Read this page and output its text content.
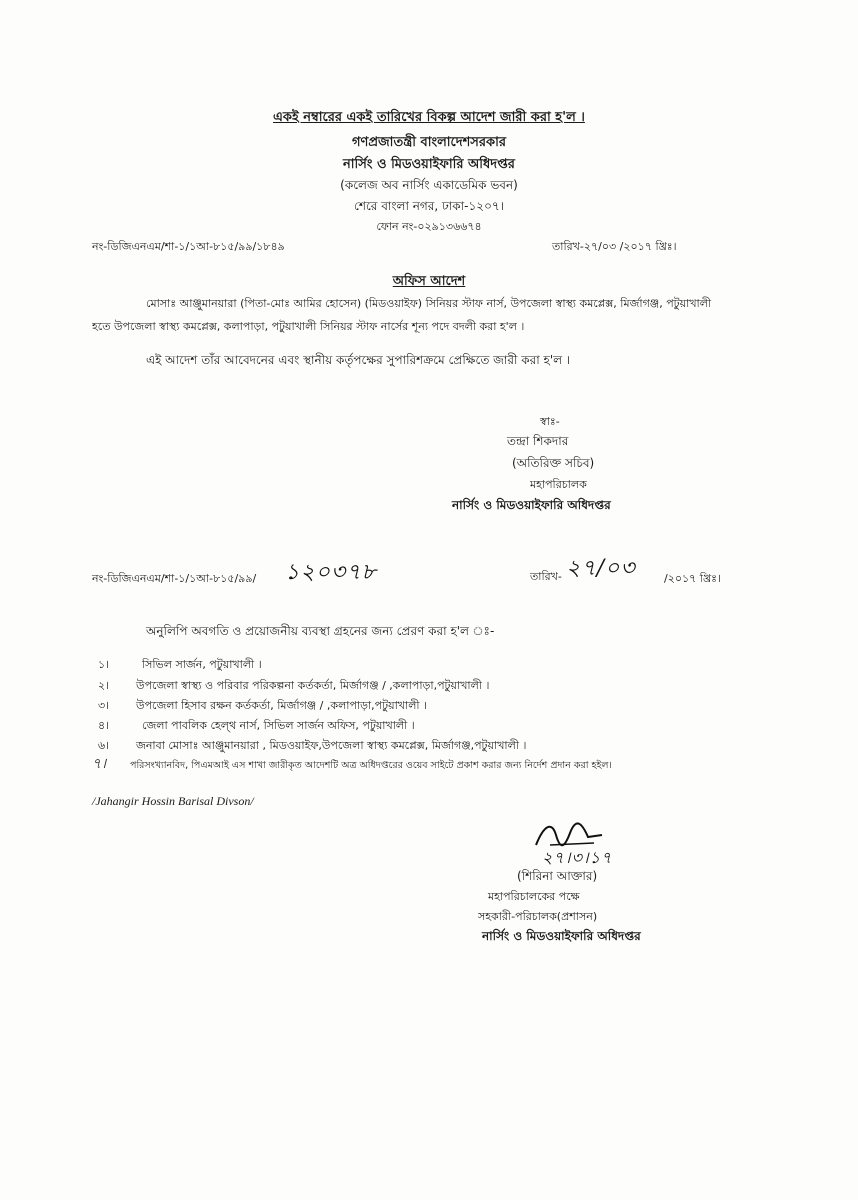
একই নম্বারের একই তারিখের বিকল্প আদেশ জারী করা হ'ল ।
গণপ্রজাতন্ত্রী বাংলাদেশসরকার
নার্সিং ও মিডওয়াইফারি অধিদপ্তর
(কলেজ অব নার্সিং একাডেমিক ভবন)
শেরে বাংলা নগর, ঢাকা-১২০৭।
ফোন নং-০২৯১৩৬৬৭৪
নং-ডিজিএনএম/শা-১/১আ-৮১৫/৯৯/১৮৪৯	তারিখ-২৭/০৩ /২০১৭ খ্রিঃ।
অফিস আদেশ
মোসাঃ আঞ্জুমানয়ারা (পিতা-মোঃ আমির হোসেন) (মিডওয়াইফ) সিনিয়র স্টাফ নার্স, উপজেলা স্বাস্থ্য কমপ্লেক্স, মির্জাগঞ্জ, পটুয়াখালী
হতে উপজেলা স্বাস্থ্য কমপ্লেক্স, কলাপাড়া, পটুয়াখালী সিনিয়র স্টাফ নার্সের শূন্য পদে বদলী করা হ'ল ।
এই আদেশ তাঁর আবেদনের এবং স্থানীয় কর্তৃপক্ষের সুপারিশক্রমে প্রেক্ষিতে জারী করা হ'ল ।
স্বাঃ-
তন্দ্রা শিকদার
(অতিরিক্ত সচিব)
মহাপরিচালক
নার্সিং ও মিডওয়াইফারি অধিদপ্তর
নং-ডিজিএনএম/শা-১/১আ-৮১৫/৯৯/ ১২০৩৭৮	তারিখ- ২৭/০৩	/২০১৭ খ্রিঃ।
অনুলিপি অবগতি ও প্রয়োজনীয় ব্যবস্থা গ্রহনের জন্য প্রেরণ করা হ'ল ঃ-
১।	সিভিল সার্জন, পটুয়াখালী ।
২। উপজেলা স্বাস্থ্য ও পরিবার পরিকল্পনা কর্তকর্তা, মির্জাগঞ্জ / ,কলাপাড়া,পটুয়াখালী ।
৩। উপজেলা হিসাব রক্ষন কর্তকর্তা, মির্জাগঞ্জ / ,কলাপাড়া,পটুয়াখালী ।
৪।	জেলা পাবলিক হেল্‌থ নার্স, সিভিল সার্জন অফিস, পটুয়াখালী ।
৬। জনাবা মোসাঃ আঞ্জুমানয়ারা , মিডওয়াইফ,উপজেলা স্বাস্থ্য কমপ্লেক্স, মির্জাগঞ্জ,পটুয়াখালী ।
৭।	পরিসংখ্যানবিদ, পিএমআই এস শাখা জারীকৃত আদেশটি অত্র অধিদপ্তরের ওয়েব সাইটে প্রকাশ করার জন্য নির্দেশ প্রদান করা হইল।
/Jahangir Hossin Barisal Divson/
২৭।৩।১৭
(শিরিনা আক্তার)
মহাপরিচালকের পক্ষে
সহকারী-পরিচালক(প্রশাসন)
নার্সিং ও মিডওয়াইফারি অধিদপ্তর
